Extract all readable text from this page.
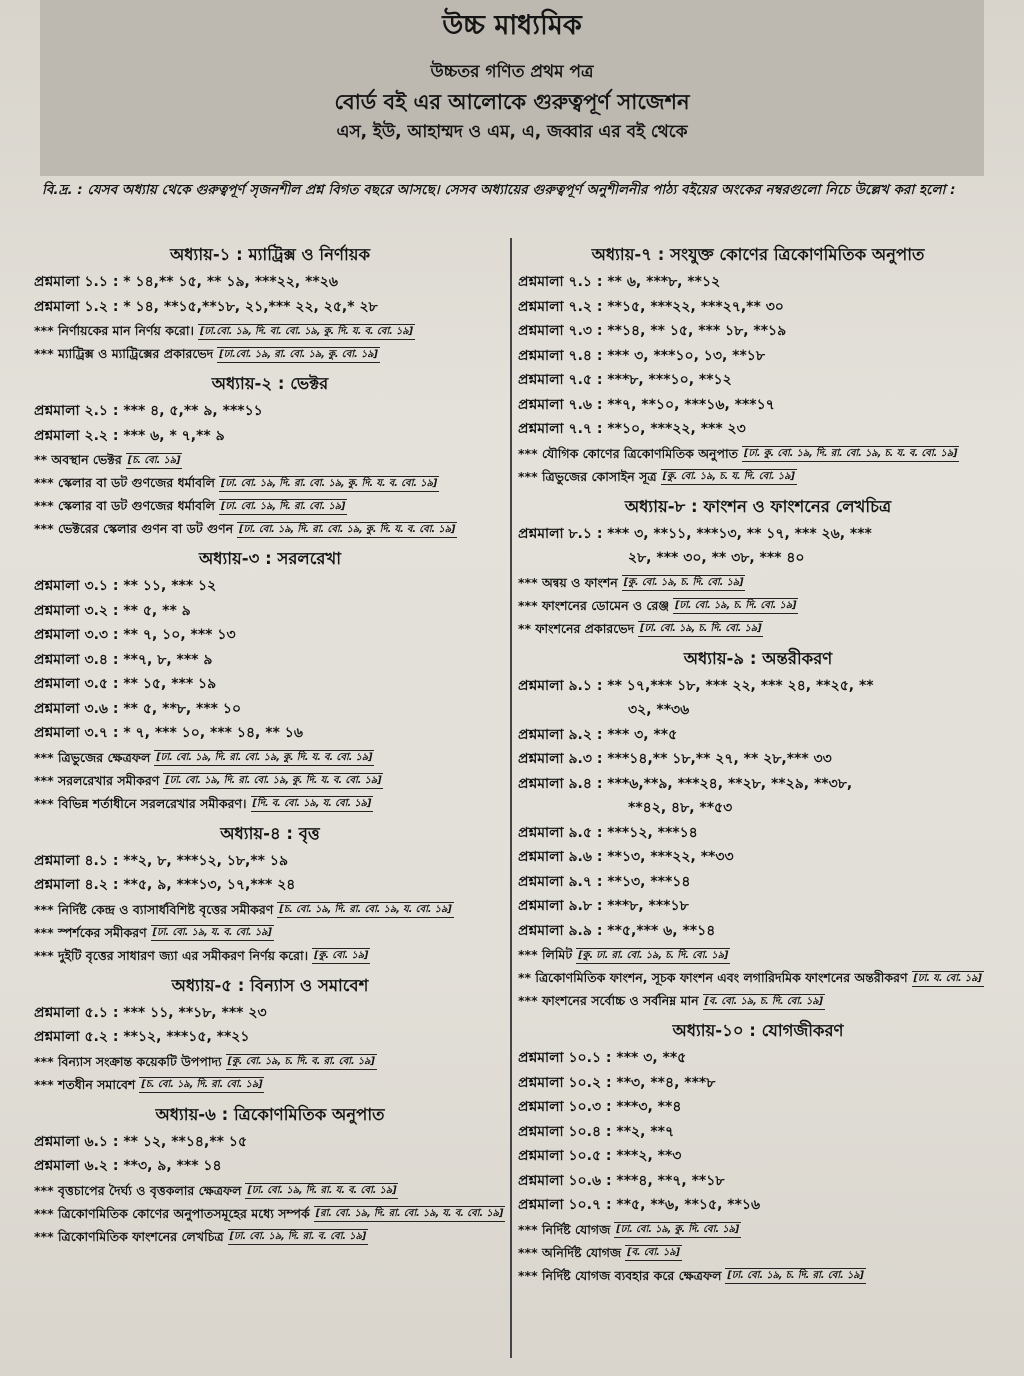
উচ্চ মাধ্যমিক
উচ্চতর গণিত প্রথম পত্র
বোর্ড বই এর আলোকে গুরুত্বপূর্ণ সাজেশন
এস, ইউ, আহাম্মদ ও এম, এ, জব্বার এর বই থেকে
বি.দ্র. : যেসব অধ্যায় থেকে গুরুত্বপূর্ণ সৃজনশীল প্রশ্ন বিগত বছরে আসছে। সেসব অধ্যায়ের গুরুত্বপূর্ণ অনুশীলনীর পাঠ্য বইয়ের অংকের নম্বরগুলো নিচে উল্লেখ করা হলো :
অধ্যায়-১ : ম্যাট্রিক্স ও নির্ণায়ক
প্রশ্নমালা ১.১ : * ১৪,** ১৫, ** ১৯, ***২২, **২৬
প্রশ্নমালা ১.২ : * ১৪, **১৫,**১৮, ২১,*** ২২, ২৫,* ২৮
*** নির্ণায়কের মান নির্ণয় করো। [ঢা.বো. ১৯, দি. বা. বো. ১৯, কু. দি. য. ব. বো. ১৯]
*** ম্যাট্রিক্স ও ম্যাট্রিক্সের প্রকারভেদ [ঢা.বো. ১৯, রা. বো. ১৯, কু. বো. ১৯]
অধ্যায়-২ : ভেক্টর
প্রশ্নমালা ২.১ : *** ৪, ৫,** ৯, ***১১
প্রশ্নমালা ২.২ : *** ৬, * ৭,** ৯
** অবস্থান ভেক্টর [চ. বো. ১৯]
*** স্কেলার বা ডট গুণজের ধর্মাবলি [ঢা. বো. ১৯, দি. রা. বো. ১৯, কু. দি. য. ব. বো. ১৯]
*** স্কেলার বা ডট গুণজের ধর্মাবলি [ঢা. বো. ১৯, দি. রা. বো. ১৯]
*** ভেক্টরের স্কেলার গুণন বা ডট গুণন [ঢা. বো. ১৯, দি. রা. বো. ১৯, কু. দি. য. ব. বো. ১৯]
অধ্যায়-৩ : সরলরেখা
প্রশ্নমালা ৩.১ : ** ১১, *** ১২
প্রশ্নমালা ৩.২ : ** ৫, ** ৯
প্রশ্নমালা ৩.৩ : ** ৭, ১০, *** ১৩
প্রশ্নমালা ৩.৪ : **৭, ৮, *** ৯
প্রশ্নমালা ৩.৫ : ** ১৫, *** ১৯
প্রশ্নমালা ৩.৬ : ** ৫, **৮, *** ১০
প্রশ্নমালা ৩.৭ : * ৭, *** ১০, *** ১৪, ** ১৬
*** ত্রিভুজের ক্ষেত্রফল [ঢা. বো. ১৯, দি. রা. বো. ১৯, কু. দি. য. ব. বো. ১৯]
*** সরলরেখার সমীকরণ [ঢা. বো. ১৯, দি. রা. বো. ১৯, কু. দি. য. ব. বো. ১৯]
*** বিভিন্ন শর্তাধীনে সরলরেখার সমীকরণ। [দি. ব. বো. ১৯, য. বো. ১৯]
অধ্যায়-৪ : বৃত্ত
প্রশ্নমালা ৪.১ : **২, ৮, ***১২, ১৮,** ১৯
প্রশ্নমালা ৪.২ : **৫, ৯, ***১৩, ১৭,*** ২৪
*** নির্দিষ্ট কেন্দ্র ও ব্যাসার্ধবিশিষ্ট বৃত্তের সমীকরণ [চ. বো. ১৯, দি. রা. বো. ১৯, য. বো. ১৯]
*** স্পর্শকের সমীকরণ [ঢা. বো. ১৯, য. ব. বো. ১৯]
*** দুইটি বৃত্তের সাধারণ জ্যা এর সমীকরণ নির্ণয় করো। [কু. বো. ১৯]
অধ্যায়-৫ : বিন্যাস ও সমাবেশ
প্রশ্নমালা ৫.১ : *** ১১, **১৮, *** ২৩
প্রশ্নমালা ৫.২ : **১২, ***১৫, **২১
*** বিন্যাস সংক্রান্ত কয়েকটি উপপাদ্য [কু. বো. ১৯, চ. দি. ব. রা. বো. ১৯]
*** শতধীন সমাবেশ [চ. বো. ১৯, দি. রা. বো. ১৯]
অধ্যায়-৬ : ত্রিকোণমিতিক অনুপাত
প্রশ্নমালা ৬.১ : ** ১২, **১৪,** ১৫
প্রশ্নমালা ৬.২ : **৩, ৯, *** ১৪
*** বৃত্তচাপের দৈর্ঘ্য ও বৃত্তকলার ক্ষেত্রফল [ঢা. বো. ১৯, দি. রা. য. ব. বো. ১৯]
*** ত্রিকোণমিতিক কোণের অনুপাতসমূহের মধ্যে সম্পর্ক [রা. বো. ১৯, দি. রা. বো. ১৯, য. ব. বো. ১৯]
*** ত্রিকোণমিতিক ফাংশনের লেখচিত্র [ঢা. বো. ১৯, দি. রা. ব. বো. ১৯]
অধ্যায়-৭ : সংযুক্ত কোণের ত্রিকোণমিতিক অনুপাত
প্রশ্নমালা ৭.১ : ** ৬, ***৮, **১২
প্রশ্নমালা ৭.২ : **১৫, ***২২, ***২৭,** ৩০
প্রশ্নমালা ৭.৩ : **১৪, ** ১৫, *** ১৮, **১৯
প্রশ্নমালা ৭.৪ : *** ৩, ***১০, ১৩, **১৮
প্রশ্নমালা ৭.৫ : ***৮, ***১০, **১২
প্রশ্নমালা ৭.৬ : **৭, **১০, ***১৬, ***১৭
প্রশ্নমালা ৭.৭ : **১০, ***২২, *** ২৩
*** যৌগিক কোণের ত্রিকোণমিতিক অনুপাত [ঢা. কু. বো. ১৯, দি. রা. বো. ১৯, চ. য. ব. বো. ১৯]
*** ত্রিভুজের কোসাইন সূত্র [কু. বো. ১৯, চ. য. দি. বো. ১৯]
অধ্যায়-৮ : ফাংশন ও ফাংশনের লেখচিত্র
প্রশ্নমালা ৮.১ : *** ৩, **১১, ***১৩, ** ১৭, *** ২৬, ***
২৮, *** ৩০, ** ৩৮, *** ৪০
*** অন্বয় ও ফাংশন [কু. বো. ১৯, চ. দি. বো. ১৯]
*** ফাংশনের ডোমেন ও রেঞ্জ [ঢা. বো. ১৯, চ. দি. বো. ১৯]
** ফাংশনের প্রকারভেদ [ঢা. বো. ১৯, চ. দি. বো. ১৯]
অধ্যায়-৯ : অন্তরীকরণ
প্রশ্নমালা ৯.১ : ** ১৭,*** ১৮, *** ২২, *** ২৪, **২৫, **
৩২, **৩৬
প্রশ্নমালা ৯.২ : *** ৩, **৫
প্রশ্নমালা ৯.৩ : ***১৪,** ১৮,** ২৭, ** ২৮,*** ৩৩
প্রশ্নমালা ৯.৪ : ***৬,**৯, ***২৪, **২৮, **২৯, **৩৮,
**৪২, ৪৮, **৫৩
প্রশ্নমালা ৯.৫ : ***১২, ***১৪
প্রশ্নমালা ৯.৬ : **১৩, ***২২, **৩৩
প্রশ্নমালা ৯.৭ : **১৩, ***১৪
প্রশ্নমালা ৯.৮ : ***৮, ***১৮
প্রশ্নমালা ৯.৯ : **৫,*** ৬, **১৪
*** লিমিট [কু. ঢা. রা. বো. ১৯, চ. দি. বো. ১৯]
** ত্রিকোণমিতিক ফাংশন, সূচক ফাংশন এবং লগারিদমিক ফাংশনের অন্তরীকরণ [ঢা. য. বো. ১৯]
*** ফাংশনের সর্বোচ্চ ও সর্বনিম্ন মান [ব. বো. ১৯, চ. দি. বো. ১৯]
অধ্যায়-১০ : যোগজীকরণ
প্রশ্নমালা ১০.১ : *** ৩, **৫
প্রশ্নমালা ১০.২ : **৩, **৪, ***৮
প্রশ্নমালা ১০.৩ : ***৩, **৪
প্রশ্নমালা ১০.৪ : **২, **৭
প্রশ্নমালা ১০.৫ : ***২, **৩
প্রশ্নমালা ১০.৬ : ***৪, **৭, **১৮
প্রশ্নমালা ১০.৭ : **৫, **৬, **১৫, **১৬
*** নির্দিষ্ট যোগজ [ঢা. বো. ১৯, কু. দি. বো. ১৯]
*** অনির্দিষ্ট যোগজ [ব. বো. ১৯]
*** নির্দিষ্ট যোগজ ব্যবহার করে ক্ষেত্রফল [ঢা. বো. ১৯, চ. দি. রা. বো. ১৯]
